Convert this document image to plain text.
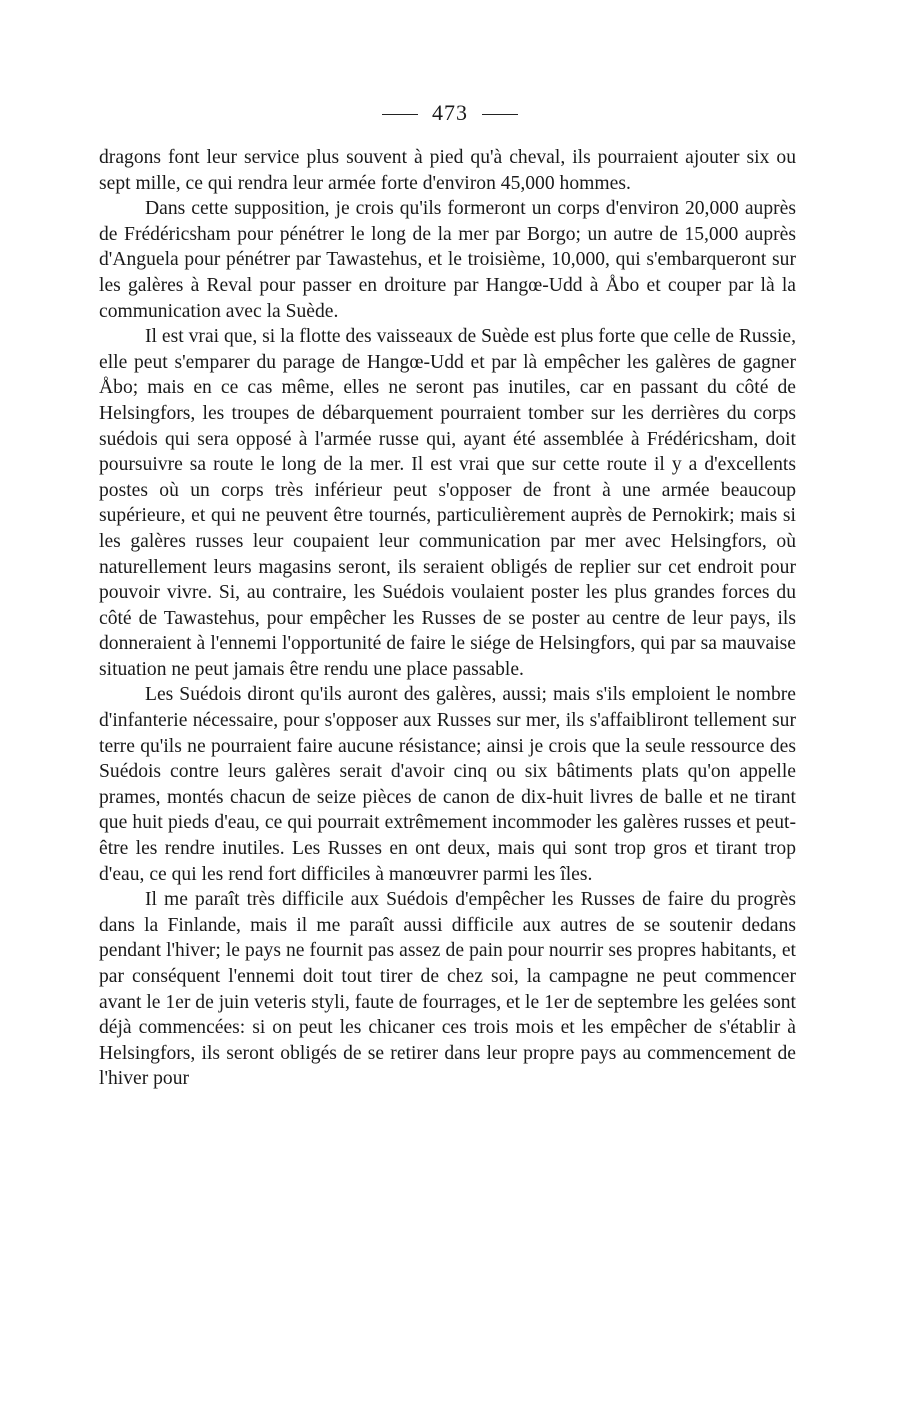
473

dragons font leur service plus souvent à pied qu'à cheval, ils pourraient ajouter six ou sept mille, ce qui rendra leur armée forte d'environ 45,000 hommes.

Dans cette supposition, je crois qu'ils formeront un corps d'environ 20,000 auprès de Frédéricsham pour pénétrer le long de la mer par Borgo; un autre de 15,000 auprès d'Anguela pour pénétrer par Tawastehus, et le troisième, 10,000, qui s'embarqueront sur les galères à Reval pour passer en droiture par Hangœ-Udd à Åbo et couper par là la communication avec la Suède.

Il est vrai que, si la flotte des vaisseaux de Suède est plus forte que celle de Russie, elle peut s'emparer du parage de Hangœ-Udd et par là empêcher les galères de gagner Åbo; mais en ce cas même, elles ne seront pas inutiles, car en passant du côté de Helsingfors, les troupes de débarquement pourraient tomber sur les derrières du corps suédois qui sera opposé à l'armée russe qui, ayant été assemblée à Frédéricsham, doit poursuivre sa route le long de la mer. Il est vrai que sur cette route il y a d'excellents postes où un corps très inférieur peut s'opposer de front à une armée beaucoup supérieure, et qui ne peuvent être tournés, particulièrement auprès de Pernokirk; mais si les galères russes leur coupaient leur communication par mer avec Helsingfors, où naturellement leurs magasins seront, ils seraient obligés de replier sur cet endroit pour pouvoir vivre. Si, au contraire, les Suédois voulaient poster les plus grandes forces du côté de Tawastehus, pour empêcher les Russes de se poster au centre de leur pays, ils donneraient à l'ennemi l'opportunité de faire le siége de Helsingfors, qui par sa mauvaise situation ne peut jamais être rendu une place passable.

Les Suédois diront qu'ils auront des galères, aussi; mais s'ils emploient le nombre d'infanterie nécessaire, pour s'opposer aux Russes sur mer, ils s'affaibliront tellement sur terre qu'ils ne pourraient faire aucune résistance; ainsi je crois que la seule ressource des Suédois contre leurs galères serait d'avoir cinq ou six bâtiments plats qu'on appelle prames, montés chacun de seize pièces de canon de dix-huit livres de balle et ne tirant que huit pieds d'eau, ce qui pourrait extrêmement incommoder les galères russes et peut-être les rendre inutiles. Les Russes en ont deux, mais qui sont trop gros et tirant trop d'eau, ce qui les rend fort difficiles à manœuvrer parmi les îles.

Il me paraît très difficile aux Suédois d'empêcher les Russes de faire du progrès dans la Finlande, mais il me paraît aussi difficile aux autres de se soutenir dedans pendant l'hiver; le pays ne fournit pas assez de pain pour nourrir ses propres habitants, et par conséquent l'ennemi doit tout tirer de chez soi, la campagne ne peut commencer avant le 1er de juin veteris styli, faute de fourrages, et le 1er de septembre les gelées sont déjà commencées: si on peut les chicaner ces trois mois et les empêcher de s'établir à Helsingfors, ils seront obligés de se retirer dans leur propre pays au commencement de l'hiver pour
